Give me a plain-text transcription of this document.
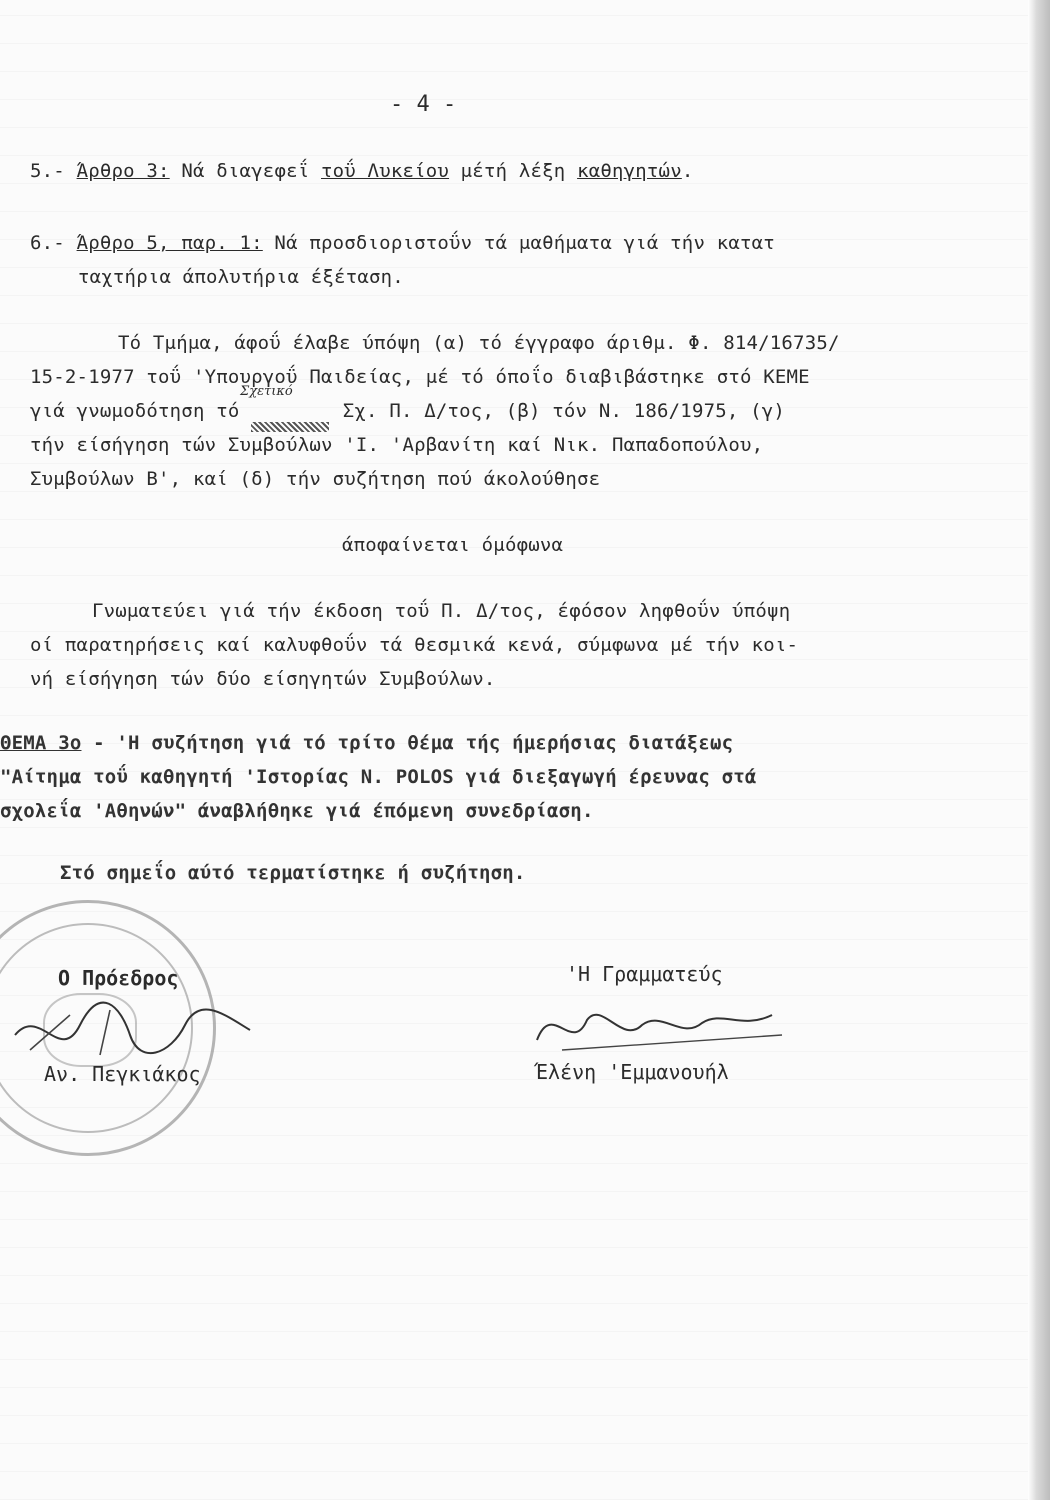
- 4 -
5.- Άρθρο 3: Νά διαγεφεΐ τοΰ Λυκείου μέτή λέξη καθηγητών.
6.- Άρθρο 5, παρ. 1: Νά προσδιοριστοΰν τά μαθήματα γιά τήν κατατ
ταχτήρια άπολυτήρια έξέταση.
Τό Τμήμα, άφοΰ έλαβε ύπόψη (α) τό έγγραφο άριθμ. Φ. 814/16735/
15-2-1977 τοΰ 'Υπουργοΰ Παιδείας, μέ τό όποΐο διαβιβάστηκε στό ΚΕΜΕ
γιά γνωμοδότηση τό	Σχ. Π. Δ/τος, (β) τόν Ν. 186/1975, (γ)
Σχετικό
τήν είσήγηση τών Συμβούλων 'Ι. 'Αρβανίτη καί Νικ. Παπαδοπούλου,
Συμβούλων Β', καί (δ) τήν συζήτηση πού άκολούθησε
άποφαίνεται όμόφωνα
Γνωματεύει γιά τήν έκδοση τοΰ Π. Δ/τος, έφόσον ληφθοΰν ύπόψη
οί παρατηρήσεις καί καλυφθοΰν τά θεσμικά κενά, σύμφωνα μέ τήν κοι-
νή είσήγηση τών δύο είσηγητών Συμβούλων.
ΘΕΜΑ 3ο - 'Η συζήτηση γιά τό τρίτο θέμα τής ήμερήσιας διατάξεως
"Αίτημα τοΰ καθηγητή 'Ιστορίας Ν. POLOS γιά διεξαγωγή έρευνας στά
σχολεΐα 'Αθηνών" άναβλήθηκε γιά έπόμενη συνεδρίαση.
Στό σημεΐο αύτό τερματίστηκε ή συζήτηση.
Ο Πρόεδρος
Αν. Πεγκιάκος
'Η Γραμματεύς
Έλένη 'Εμμανουήλ
